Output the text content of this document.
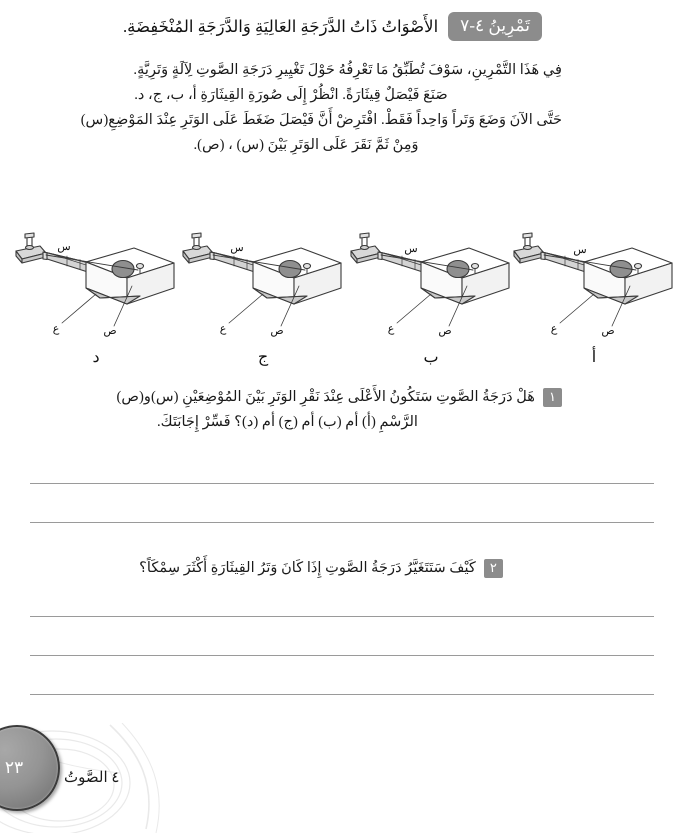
تَمْرِينُ ٤-٧
الأَصْوَاتُ ذَاتُ الدَّرَجَةِ العَالِيَةِ وَالدَّرَجَةِ المُنْخَفِضَةِ.

فِي هَذَا التَّمْرِينِ، سَوْفَ تُطَبِّقُ مَا تَعْرِفُهُ حَوْلَ تَغْيِيرِ دَرَجَةِ الصَّوتِ لِآلَةٍ وَتَرِيَّةٍ.

صَنَعَ فَيْصَلٌ قِيثَارَةً. انْظُرْ إِلَى صُورَةِ القِيثَارَةِ أ، ب، ج، د.

حَتَّى الآنَ وَضَعَ وَتَراً وَاحِداً فَقَطْ. افْتَرِضْ أَنَّ فَيْصَلَ ضَغَطَ عَلَى الوَتَرِ عِنْدَ المَوْضِعِ(س)

وَمِنْ ثَمَّ نَقَرَ عَلَى الوَتَرِ بَيْنَ (س) ، (ص).

س
ع	ص
أ
س
ع	ص
ب
س
ع	ص
ج
س
ع	ص
د
١
هَلْ دَرَجَةُ الصَّوتِ سَتَكُونُ الأَعْلَى عِنْدَ نَقْرِ الوَتَرِ بَيْنَ المُوْضِعَيْنِ (س)و(ص)
الرَّسْمِ (أ) أم (ب) أم (ج) أم (د)؟ فَسِّرْ إِجَابَتَكَ.
٢
كَيْفَ سَتَتَغَيَّرُ دَرَجَةُ الصَّوتِ إِذَا كَانَ وَتَرُ القِيثَارَةِ أَكْثَرَ سِمْكَاً؟
٢٣
٤ الصَّوتُ
